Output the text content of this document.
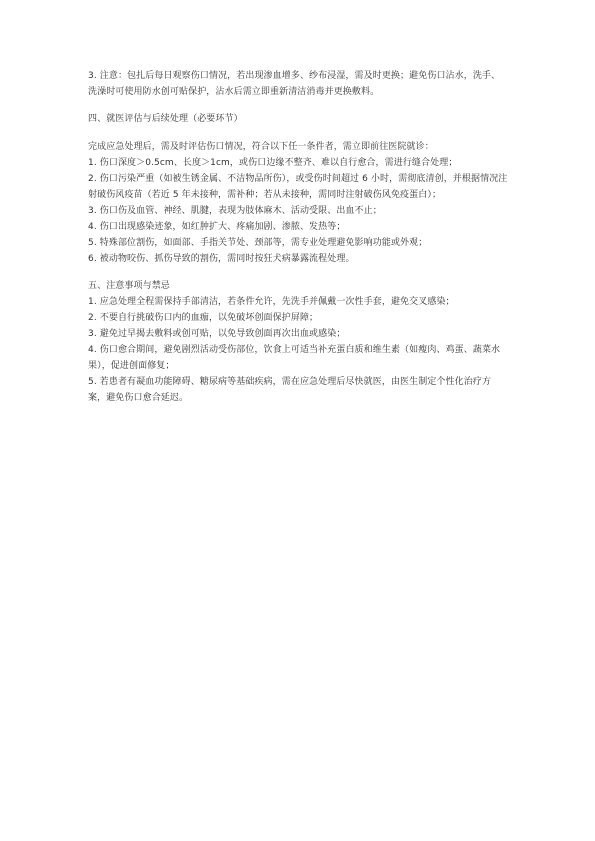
3. 注意：包扎后每日观察伤口情况，若出现渗血增多、纱布浸湿，需及时更换；避免伤口沾水，洗手、洗澡时可使用防水创可贴保护，沾水后需立即重新清洁消毒并更换敷料。

四、就医评估与后续处理（必要环节）

完成应急处理后，需及时评估伤口情况，符合以下任一条件者，需立即前往医院就诊：

1. 伤口深度＞0.5cm、长度＞1cm，或伤口边缘不整齐、难以自行愈合，需进行缝合处理；
2. 伤口污染严重（如被生锈金属、不洁物品所伤），或受伤时间超过 6 小时，需彻底清创，并根据情况注射破伤风疫苗（若近 5 年未接种，需补种；若从未接种，需同时注射破伤风免疫蛋白）；
3. 伤口伤及血管、神经、肌腱，表现为肢体麻木、活动受限、出血不止；
4. 伤口出现感染迹象，如红肿扩大、疼痛加剧、渗脓、发热等；
5. 特殊部位割伤，如面部、手指关节处、颈部等，需专业处理避免影响功能或外观；
6. 被动物咬伤、抓伤导致的割伤，需同时按狂犬病暴露流程处理。

五、注意事项与禁忌

1. 应急处理全程需保持手部清洁，若条件允许，先洗手并佩戴一次性手套，避免交叉感染；
2. 不要自行挑破伤口内的血痂，以免破坏创面保护屏障；
3. 避免过早揭去敷料或创可贴，以免导致创面再次出血或感染；
4. 伤口愈合期间，避免剧烈活动受伤部位，饮食上可适当补充蛋白质和维生素（如瘦肉、鸡蛋、蔬菜水果），促进创面修复；
5. 若患者有凝血功能障碍、糖尿病等基础疾病，需在应急处理后尽快就医，由医生制定个性化治疗方案，避免伤口愈合延迟。
